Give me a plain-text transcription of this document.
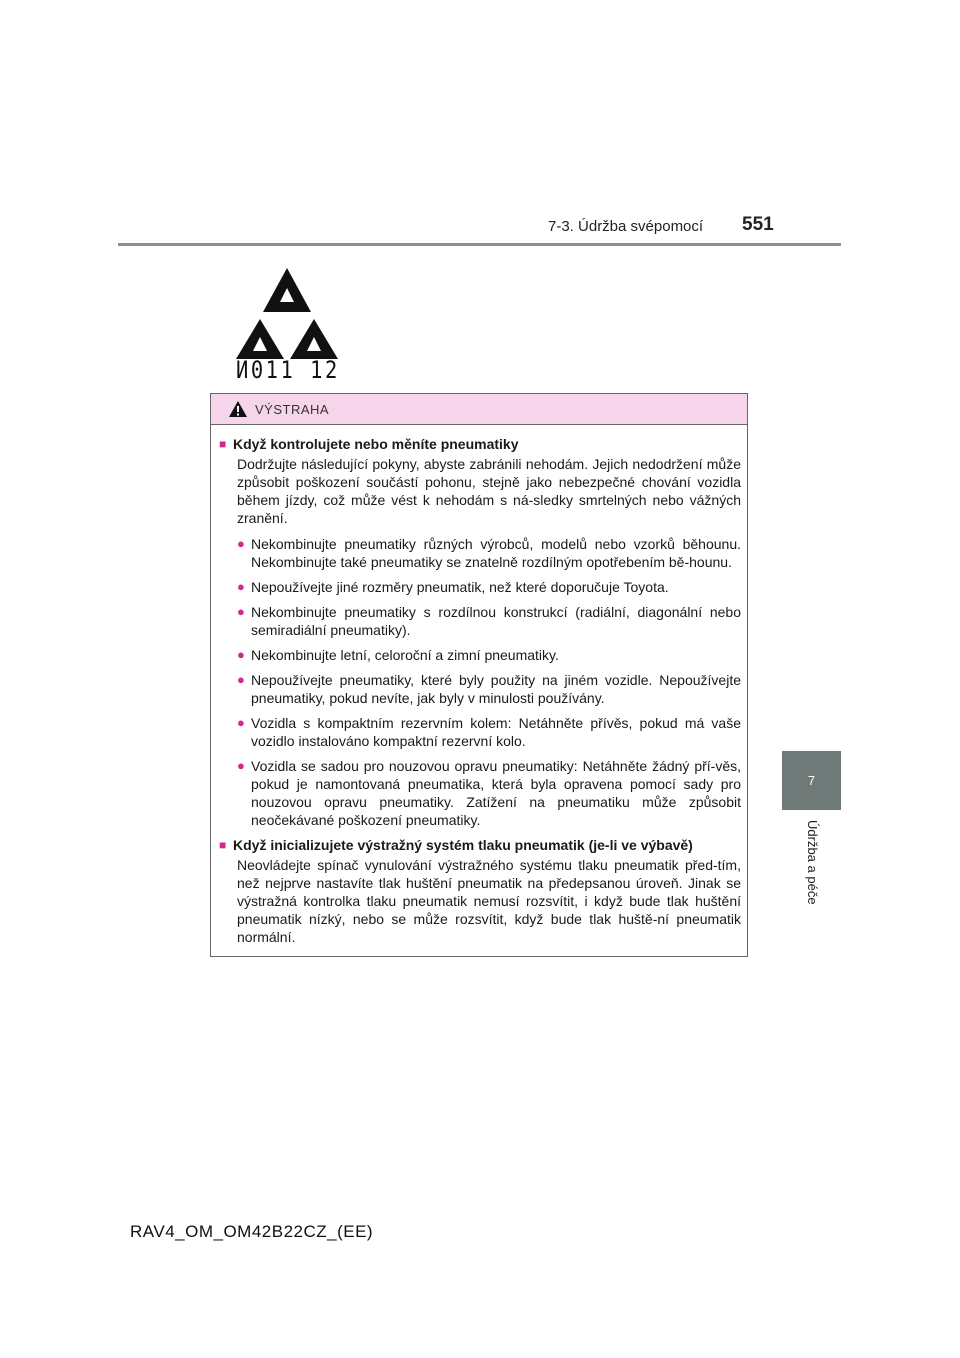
7-3. Údržba svépomocí 551
7
Údržba a péče
И011 12
VÝSTRAHA
■ Když kontrolujete nebo měníte pneumatiky
Dodržujte následující pokyny, abyste zabránili nehodám. Jejich nedodržení může způsobit poškození součástí pohonu, stejně jako nebezpečné chování vozidla během jízdy, což může vést k nehodám s ná-sledky smrtelných nebo vážných zranění.
● Nekombinujte pneumatiky různých výrobců, modelů nebo vzorků běhounu. Nekombinujte také pneumatiky se znatelně rozdílným opotřebením bě-hounu.
● Nepoužívejte jiné rozměry pneumatik, než které doporučuje Toyota.
● Nekombinujte pneumatiky s rozdílnou konstrukcí (radiální, diagonální nebo semiradiální pneumatiky).
● Nekombinujte letní, celoroční a zimní pneumatiky.
● Nepoužívejte pneumatiky, které byly použity na jiném vozidle. Nepoužívejte pneumatiky, pokud nevíte, jak byly v minulosti používány.
● Vozidla s kompaktním rezervním kolem: Netáhněte přívěs, pokud má vaše vozidlo instalováno kompaktní rezervní kolo.
● Vozidla se sadou pro nouzovou opravu pneumatiky: Netáhněte žádný pří-věs, pokud je namontovaná pneumatika, která byla opravena pomocí sady pro nouzovou opravu pneumatiky. Zatížení na pneumatiku může způsobit neočekávané poškození pneumatiky.
■ Když inicializujete výstražný systém tlaku pneumatik (je-li ve výbavě)
Neovládejte spínač vynulování výstražného systému tlaku pneumatik před-tím, než nejprve nastavíte tlak huštění pneumatik na předepsanou úroveň. Jinak se výstražná kontrolka tlaku pneumatik nemusí rozsvítit, i když bude tlak huštění pneumatik nízký, nebo se může rozsvítit, když bude tlak huště-ní pneumatik normální.
RAV4_OM_OM42B22CZ_(EE)
